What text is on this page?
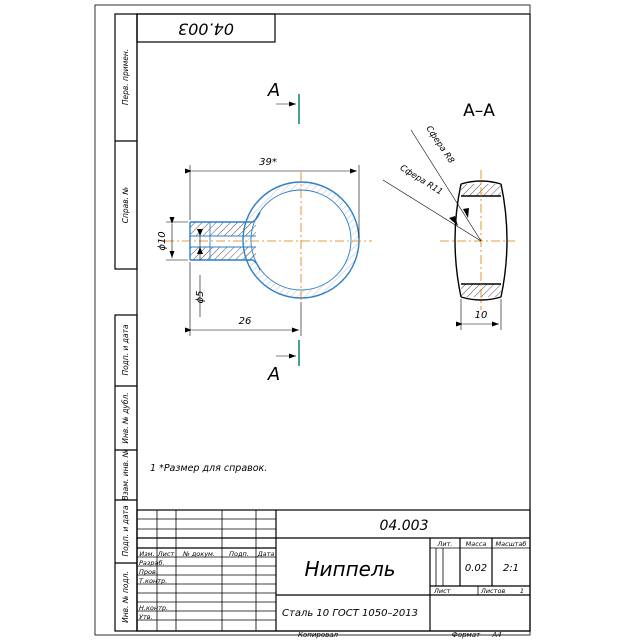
Перв. примен.
Справ. №
Подп. и дата
Инв. № дубл.
Взам. инв. №
Подп. и дата
Инв. № подл.
04.003
39*
ϕ10
ϕ5
26
А
А
А–А
10
Сфера R8
Сфера R11
1 *Размер для справок.
Изм. Лист № докум. Подп. Дата
Разраб.
Пров.
Т.контр.
Н.контр.
Утв.
04.003
Ниппель
Сталь 10 ГОСТ 1050–2013
Лит. Масса Масштаб
0.02 2:1
Лист	Листов 1
Копировал	Формат А4
